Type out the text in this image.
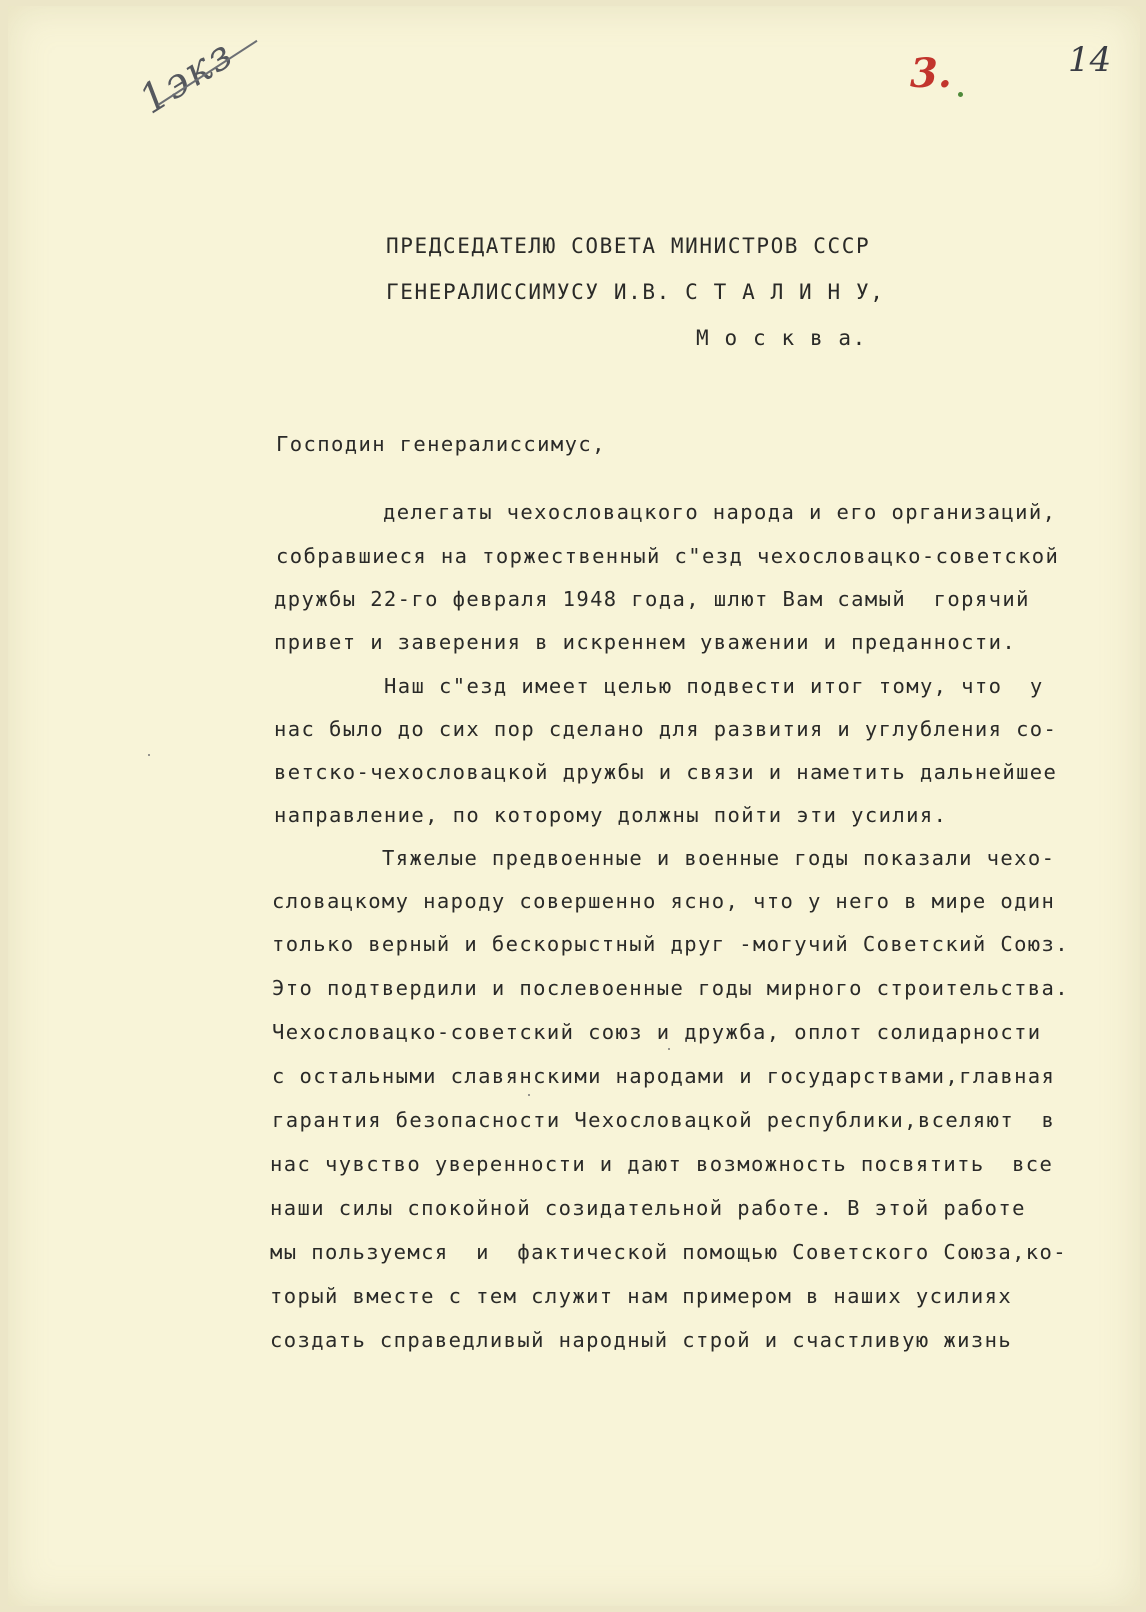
1экз	3.	14
ПРЕДСЕДАТЕЛЮ СОВЕТА МИНИСТРОВ СССР
ГЕНЕРАЛИССИМУСУ И.В. С Т А Л И Н У,
М о с к в а.
Господин генералиссимус,
делегаты чехословацкого народа и его организаций,
собравшиеся на торжественный с"езд чехословацко-советской
дружбы 22-го февраля 1948 года, шлют Вам самый  горячий
привет и заверения в искреннем уважении и преданности.
Наш с"езд имеет целью подвести итог тому, что  у
нас было до сих пор сделано для развития и углубления со-
ветско-чехословацкой дружбы и связи и наметить дальнейшее
направление, по которому должны пойти эти усилия.
Тяжелые предвоенные и военные годы показали чехо-
словацкому народу совершенно ясно, что у него в мире один
только верный и бескорыстный друг -могучий Советский Союз.
Это подтвердили и послевоенные годы мирного строительства.
Чехословацко-советский союз и дружба, оплот солидарности
с остальными славянскими народами и государствами,главная
гарантия безопасности Чехословацкой республики,вселяют  в
нас чувство уверенности и дают возможность посвятить  все
наши силы спокойной созидательной работе. В этой работе
мы пользуемся  и  фактической помощью Советского Союза,ко-
торый вместе с тем служит нам примером в наших усилиях
создать справедливый народный строй и счастливую жизнь
